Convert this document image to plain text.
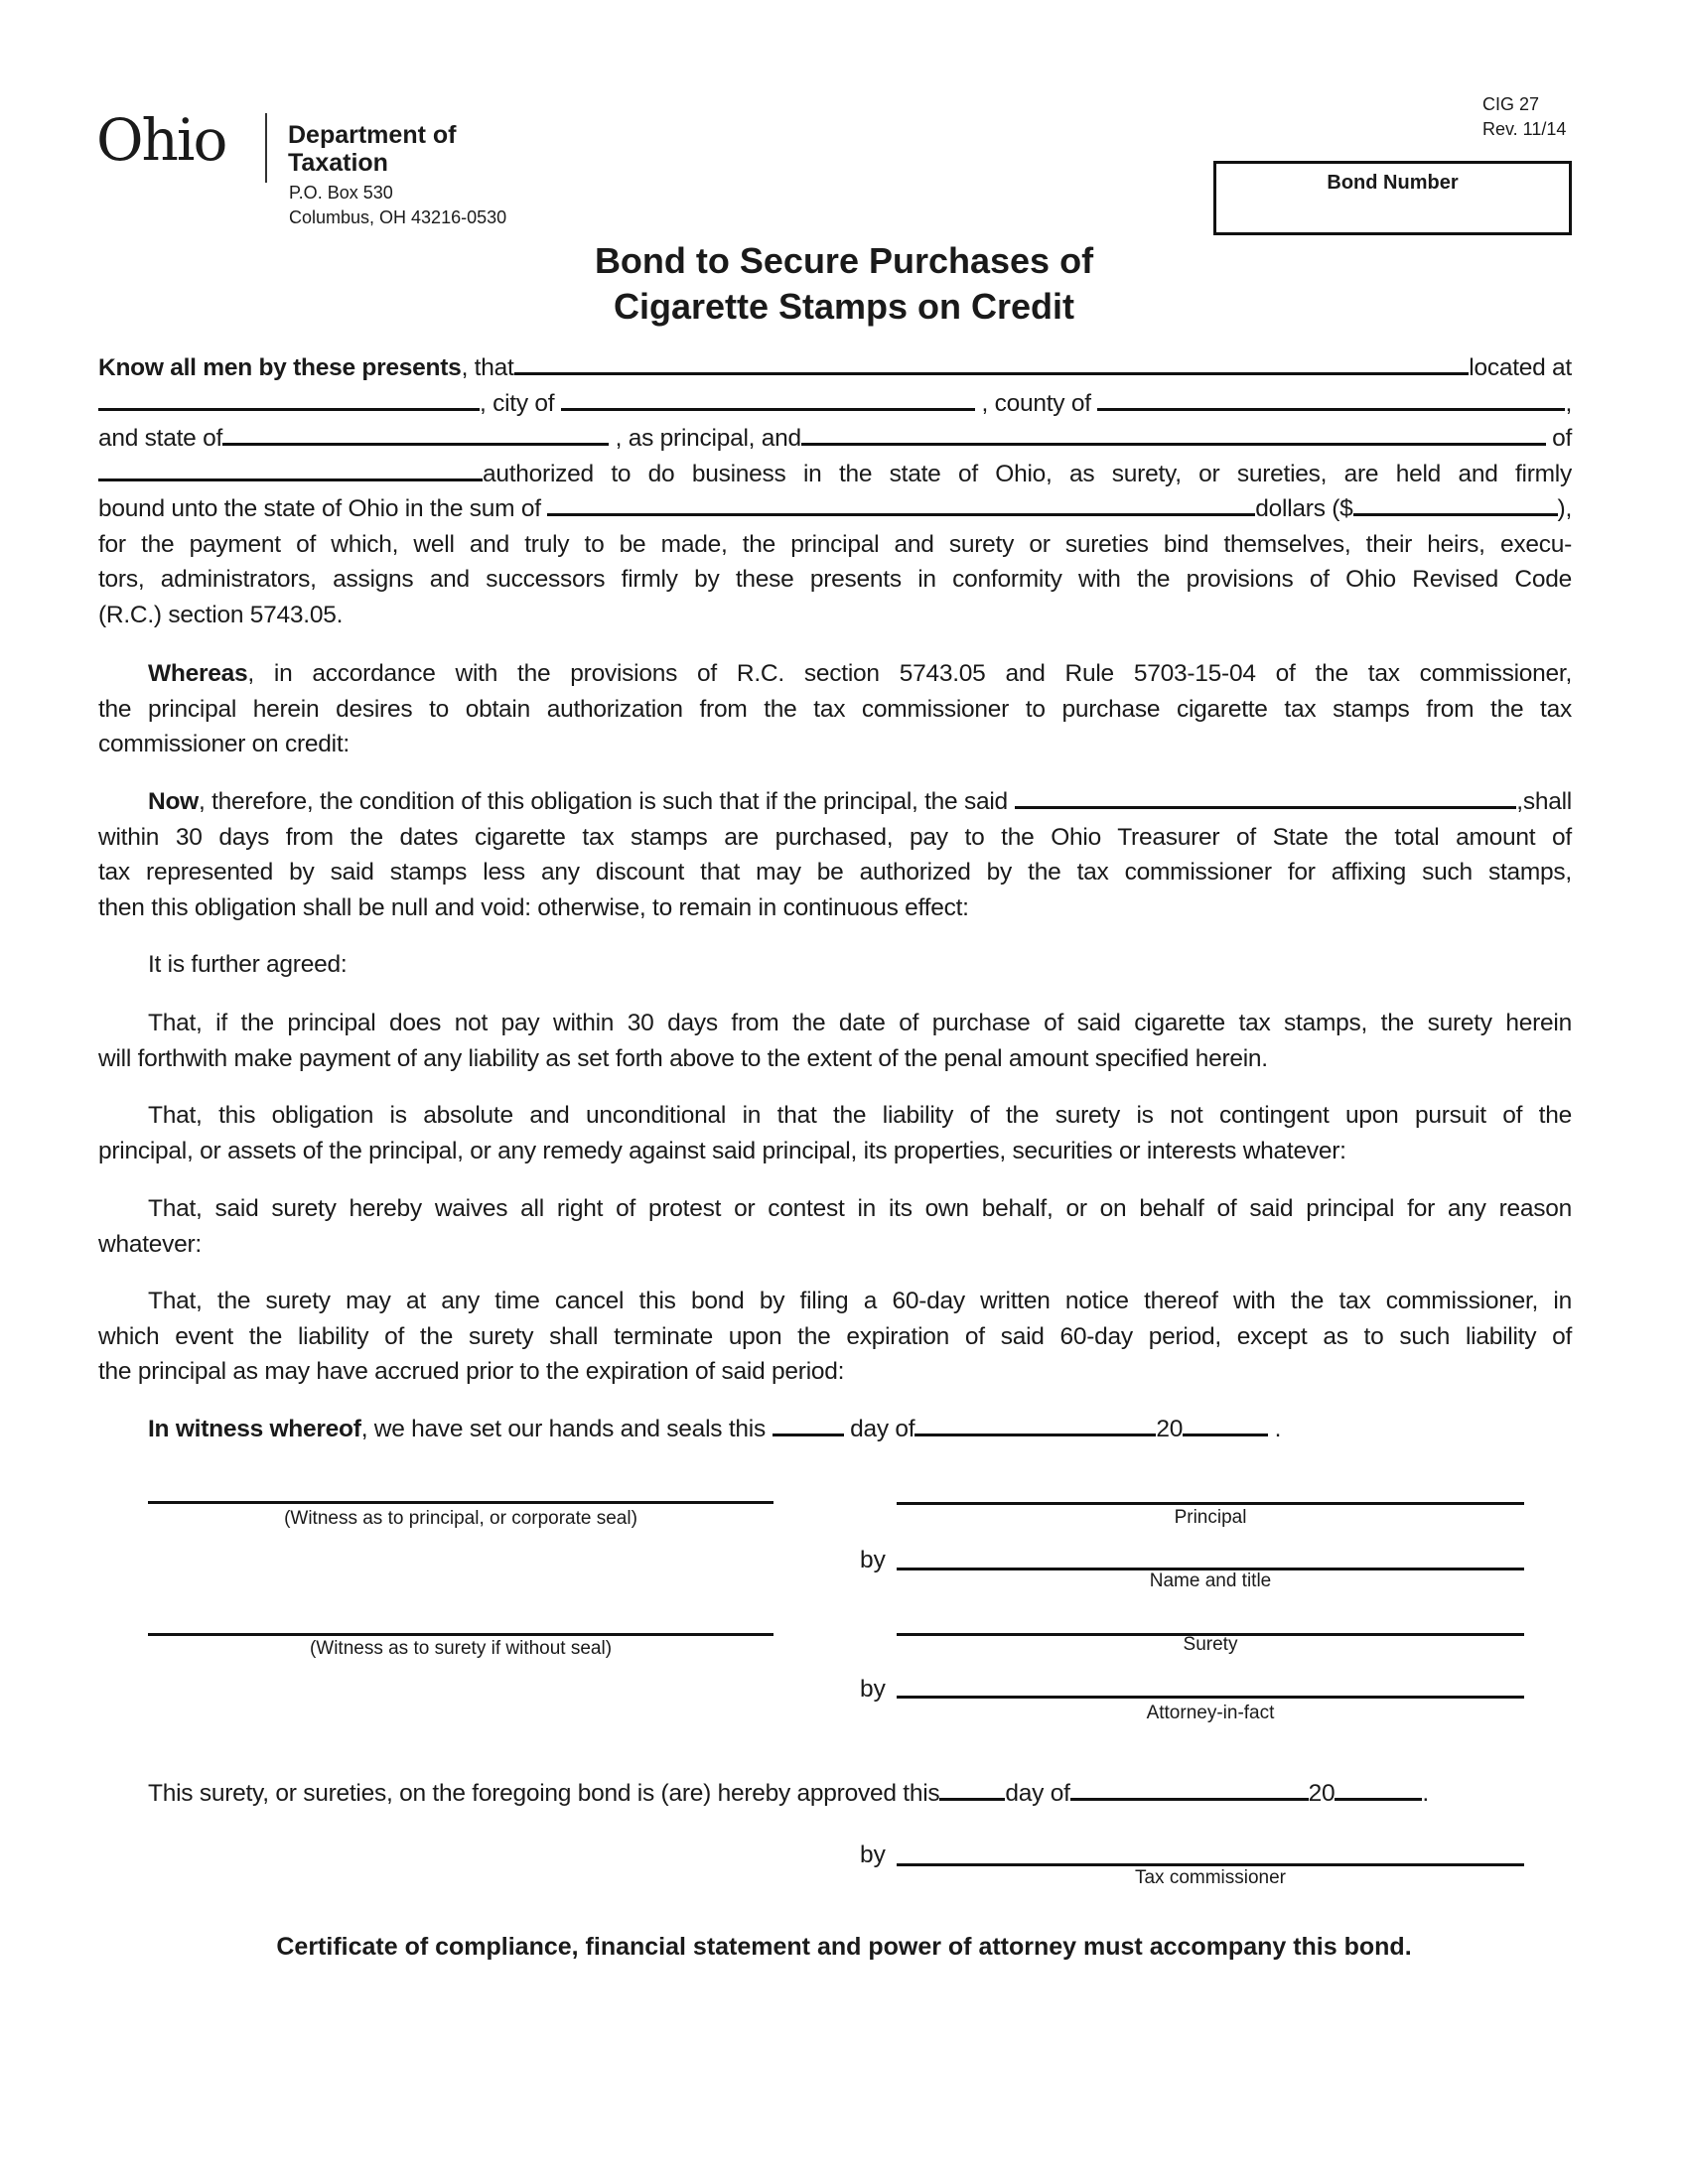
Ohio	Department of
Taxation
P.O. Box 530
Columbus, OH 43216-0530
CIG 27
Rev. 11/14
Bond Number
Bond to Secure Purchases of
Cigarette Stamps on Credit
Know all men by these presents , that	located at
, city of

	, county of
	,
and state of
	, as principal, and
	of
authorized to do business in the state of Ohio, as surety, or sureties, are held and firmly
bound unto the state of Ohio in the sum of
	dollars ($	),
for the payment of which, well and truly to be made, the principal and surety or sureties bind themselves, their heirs, execu-
tors, administrators, assigns and successors firmly by these presents in conformity with the provisions of Ohio Revised Code
(R.C.) section 5743.05.
Whereas, in accordance with the provisions of R.C. section 5743.05 and Rule 5703-15-04 of the tax commissioner,
the principal herein desires to obtain authorization from the tax commissioner to purchase cigarette tax stamps from the tax
commissioner on credit:
Now , therefore, the condition of this obligation is such that if the principal, the said
	,shall
within 30 days from the dates cigarette tax stamps are purchased, pay to the Ohio Treasurer of State the total amount of
tax represented by said stamps less any discount that may be authorized by the tax commissioner for affixing such stamps,
then this obligation shall be null and void: otherwise, to remain in continuous effect:
It is further agreed:
That, if the principal does not pay within 30 days from the date of purchase of said cigarette tax stamps, the surety herein
will forthwith make payment of any liability as set forth above to the extent of the penal amount specified herein.
That, this obligation is absolute and unconditional in that the liability of the surety is not contingent upon pursuit of the
principal, or assets of the principal, or any remedy against said principal, its properties, securities or interests whatever:
That, said surety hereby waives all right of protest or contest in its own behalf, or on behalf of said principal for any reason
whatever:
That, the surety may at any time cancel this bond by filing a 60-day written notice thereof with the tax commissioner, in
which event the liability of the surety shall terminate upon the expiration of said 60-day period, except as to such liability of
the principal as may have accrued prior to the expiration of said period:
In witness whereof , we have set our hands and seals this

	day of	20
	.
(Witness as to principal, or corporate seal)
(Witness as to surety if without seal)
Principal
by
Name and title
Surety
by
Attorney-in-fact
This surety, or sureties, on the foregoing bond is (are) hereby approved this	day of	20	.
by
Tax commissioner
Certificate of compliance, financial statement and power of attorney must accompany this bond.
